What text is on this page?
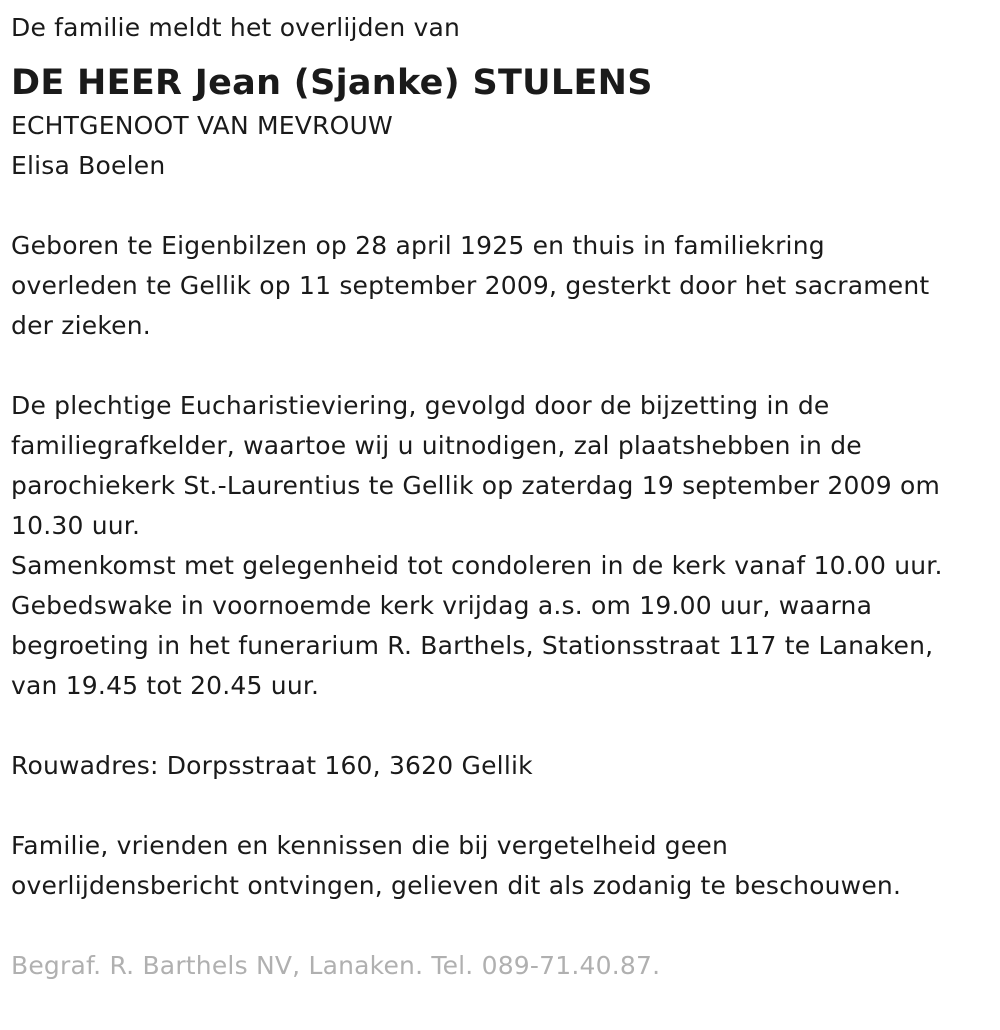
De familie meldt het overlijden van
DE HEER Jean (Sjanke) STULENS
ECHTGENOOT VAN MEVROUW
Elisa Boelen
Geboren te Eigenbilzen op 28 april 1925 en thuis in familiekring
overleden te Gellik op 11 september 2009, gesterkt door het sacrament
der zieken.
De plechtige Eucharistieviering, gevolgd door de bijzetting in de
familiegrafkelder, waartoe wij u uitnodigen, zal plaatshebben in de
parochiekerk St.-Laurentius te Gellik op zaterdag 19 september 2009 om
10.30 uur.
Samenkomst met gelegenheid tot condoleren in de kerk vanaf 10.00 uur.
Gebedswake in voornoemde kerk vrijdag a.s. om 19.00 uur, waarna
begroeting in het funerarium R. Barthels, Stationsstraat 117 te Lanaken,
van 19.45 tot 20.45 uur.
Rouwadres: Dorpsstraat 160, 3620 Gellik
Familie, vrienden en kennissen die bij vergetelheid geen
overlijdensbericht ontvingen, gelieven dit als zodanig te beschouwen.
Begraf. R. Barthels NV, Lanaken. Tel. 089-71.40.87.
